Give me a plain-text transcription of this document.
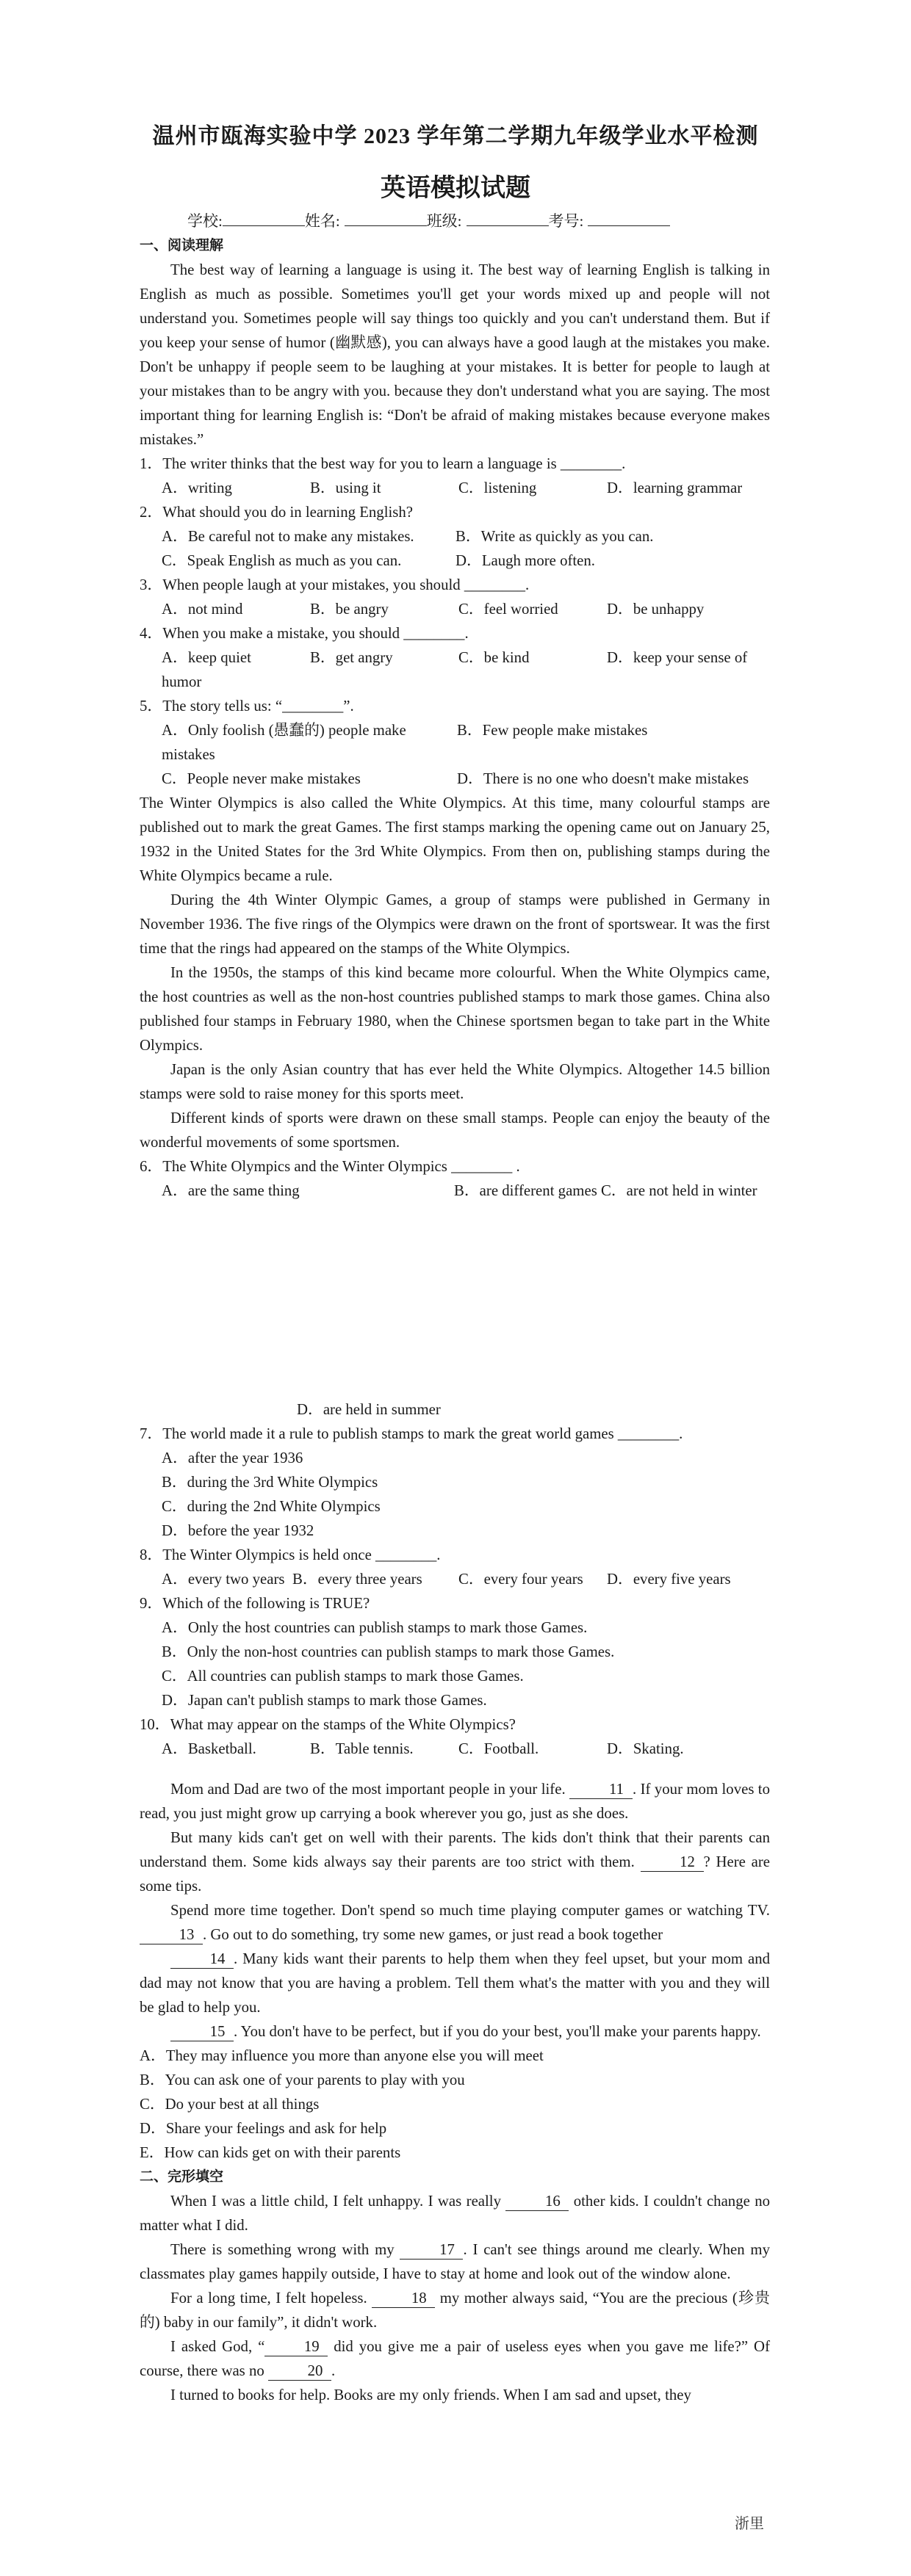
温州市瓯海实验中学 2023 学年第二学期九年级学业水平检测
英语模拟试题
学校:	姓名:	班级:	考号:

一、阅读理解

The best way of learning a language is using it. The best way of learning English is talking in English as much as possible. Sometimes you'll get your words mixed up and people will not understand you. Sometimes people will say things too quickly and you can't understand them. But if you keep your sense of humor (幽默感), you can always have a good laugh at the mistakes you make. Don't be unhappy if people seem to be laughing at your mistakes. It is better for people to laugh at your mistakes than to be angry with you. because they don't understand what you are saying. The most important thing for learning English is: “Don't be afraid of making mistakes because everyone makes mistakes.”

1．The writer thinks that the best way for you to learn a language is ________.

A．writing	B．using it	C．listening	D．learning grammar

2．What should you do in learning English?

A．Be careful not to make any mistakes.	B．Write as quickly as you can.
C．Speak English as much as you can.	D．Laugh more often.

3．When people laugh at your mistakes, you should ________.

A．not mind	B．be angry	C．feel worried	D．be unhappy

4．When you make a mistake, you should ________.

A．keep quiet	B．get angry	C．be kind	D．keep your sense of

humor

5．The story tells us: “________”.

A．Only foolish (愚蠢的) people make mistakes
B．Few people make mistakes
C．People never make mistakes	D．There is no one who doesn't make mistakes

The Winter Olympics is also called the White Olympics. At this time, many colourful stamps are published out to mark the great Games. The first stamps marking the opening came out on January 25, 1932 in the United States for the 3rd White Olympics. From then on, publishing stamps during the White Olympics became a rule.

During the 4th Winter Olympic Games, a group of stamps were published in Germany in November 1936. The five rings of the Olympics were drawn on the front of sportswear. It was the first time that the rings had appeared on the stamps of the White Olympics.

In the 1950s, the stamps of this kind became more colourful. When the White Olympics came, the host countries as well as the non-host countries published stamps to mark those games. China also published four stamps in February 1980, when the Chinese sportsmen began to take part in the White Olympics.

Japan is the only Asian country that has ever held the White Olympics. Altogether 14.5 billion stamps were sold to raise money for this sports meet.

Different kinds of sports were drawn on these small stamps. People can enjoy the beauty of the wonderful movements of some sportsmen.

6．The White Olympics and the Winter Olympics ________ .

A．are the same thing	B．are different games C．are not held in winter
D．are held in summer

7．The world made it a rule to publish stamps to mark the great world games ________.

A．after the year 1936

B．during the 3rd White Olympics

C．during the 2nd White Olympics

D．before the year 1932

8．The Winter Olympics is held once ________.

A．every two years B．every three years	C．every four years	D．every five years

9．Which of the following is TRUE?

A．Only the host countries can publish stamps to mark those Games.

B．Only the non-host countries can publish stamps to mark those Games.

C．All countries can publish stamps to mark those Games.

D．Japan can't publish stamps to mark those Games.

10．What may appear on the stamps of the White Olympics?

A．Basketball.	B．Table tennis.	C．Football.	D．Skating.

Mom and Dad are two of the most important people in your life.	11 . If your mom loves to read, you just might grow up carrying a book wherever you go, just as she does.

But many kids can't get on well with their parents. The kids don't think that their parents can understand them. Some kids always say their parents are too strict with them.	12 ? Here are some tips.

Spend more time together. Don't spend so much time playing computer games or watching TV. 13 . Go out to do something, try some new games, or just read a book together

14 . Many kids want their parents to help them when they feel upset, but your mom and dad may not know that you are having a problem. Tell them what's the matter with you and they will be glad to help you.

15 . You don't have to be perfect, but if you do your best, you'll make your parents happy.

A．They may influence you more than anyone else you will meet

B．You can ask one of your parents to play with you

C．Do your best at all things

D．Share your feelings and ask for help

E．How can kids get on with their parents

二、完形填空

When I was a little child, I felt unhappy. I was really	16 other kids. I couldn't change no matter what I did.

There is something wrong with my	17 . I can't see things around me clearly. When my classmates play games happily outside, I have to stay at home and look out of the window alone.

For a long time, I felt hopeless.	18 my mother always said, “You are the precious (珍贵的) baby in our family”, it didn't work.

I asked God, “	19 did you give me a pair of useless eyes when you gave me life?” Of course, there was no	20 .

I turned to books for help. Books are my only friends. When I am sad and upset, they

浙里
